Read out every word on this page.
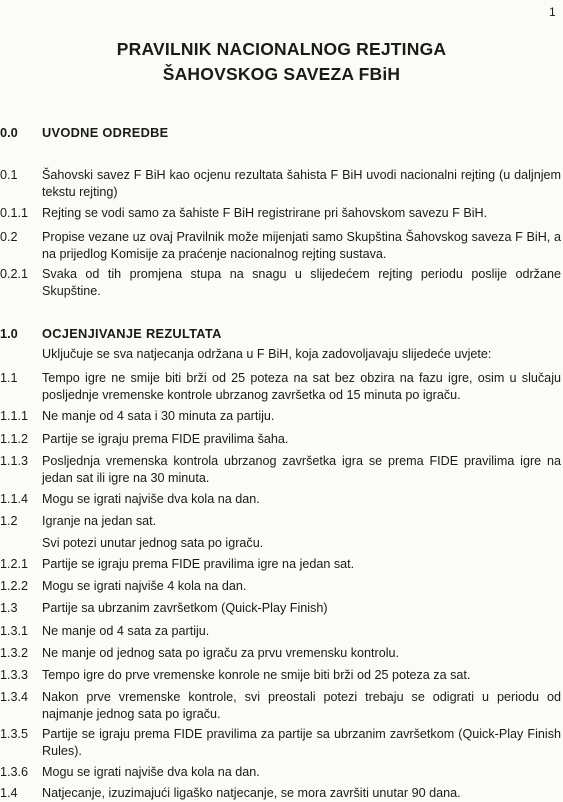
1
PRAVILNIK NACIONALNOG REJTINGA
ŠAHOVSKOG SAVEZA FBiH
0.0 UVODNE ODREDBE
0.1 Šahovski savez F BiH kao ocjenu rezultata šahista F BiH uvodi nacionalni rejting (u daljnjem tekstu rejting)
0.1.1 Rejting se vodi samo za šahiste F BiH registrirane pri šahovskom savezu F BiH.
0.2 Propise vezane uz ovaj Pravilnik može mijenjati samo Skupština Šahovskog saveza F BiH, a na prijedlog Komisije za praćenje nacionalnog rejting sustava.
0.2.1 Svaka od tih promjena stupa na snagu u slijedećem rejting periodu poslije održane Skupštine.
1.0 OCJENJIVANJE REZULTATA
Uključuje se sva natjecanja održana u F BiH, koja zadovoljavaju slijedeće uvjete:
1.1 Tempo igre ne smije biti brži od 25 poteza na sat bez obzira na fazu igre, osim u slučaju posljednje vremenske kontrole ubrzanog završetka od 15 minuta po igraču.
1.1.1 Ne manje od 4 sata i 30 minuta za partiju.
1.1.2 Partije se igraju prema FIDE pravilima šaha.
1.1.3 Posljednja vremenska kontrola ubrzanog završetka igra se prema FIDE pravilima igre na jedan sat ili igre na 30 minuta.
1.1.4 Mogu se igrati najviše dva kola na dan.
1.2 Igranje na jedan sat.
Svi potezi unutar jednog sata po igraču.
1.2.1 Partije se igraju prema FIDE pravilima igre na jedan sat.
1.2.2 Mogu se igrati najviše 4 kola na dan.
1.3 Partije sa ubrzanim završetkom (Quick-Play Finish)
1.3.1 Ne manje od 4 sata za partiju.
1.3.2 Ne manje od jednog sata po igraču za prvu vremensku kontrolu.
1.3.3 Tempo igre do prve vremenske konrole ne smije biti brži od 25 poteza za sat.
1.3.4 Nakon prve vremenske kontrole, svi preostali potezi trebaju se odigrati u periodu od najmanje jednog sata po igraču.
1.3.5 Partije se igraju prema FIDE pravilima za partije sa ubrzanim završetkom (Quick-Play Finish Rules).
1.3.6 Mogu se igrati najviše dva kola na dan.
1.4 Natjecanje, izuzimajući ligaško natjecanje, se mora završiti unutar 90 dana.
